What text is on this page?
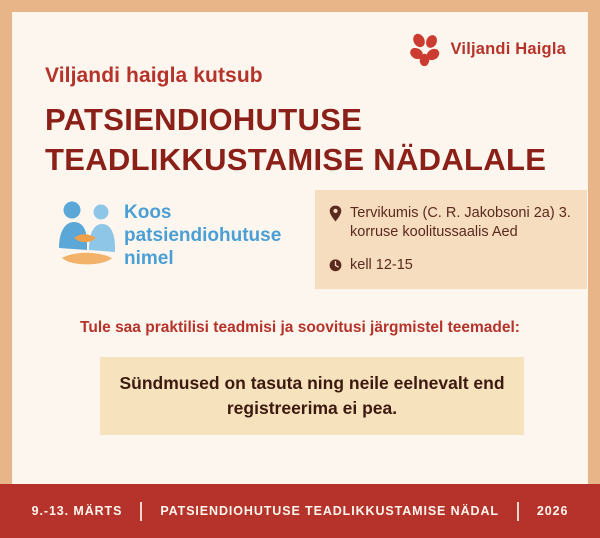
Viljandi Haigla
Viljandi haigla kutsub
PATSIENDIOHUTUSE TEADLIKKUSTAMISE NÄDALALE
Koos
patsiendiohutuse
nimel
Tervikumis (C. R. Jakobsoni 2a) 3. korruse koolitussaalis Aed
kell 12-15
Tule saa praktilisi teadmisi ja soovitusi järgmistel teemadel:
Sündmused on tasuta ning neile eelnevalt end registreerima ei pea.
9.-13. MÄRTS	PATSIENDIOHUTUSE TEADLIKKUSTAMISE NÄDAL	2026
